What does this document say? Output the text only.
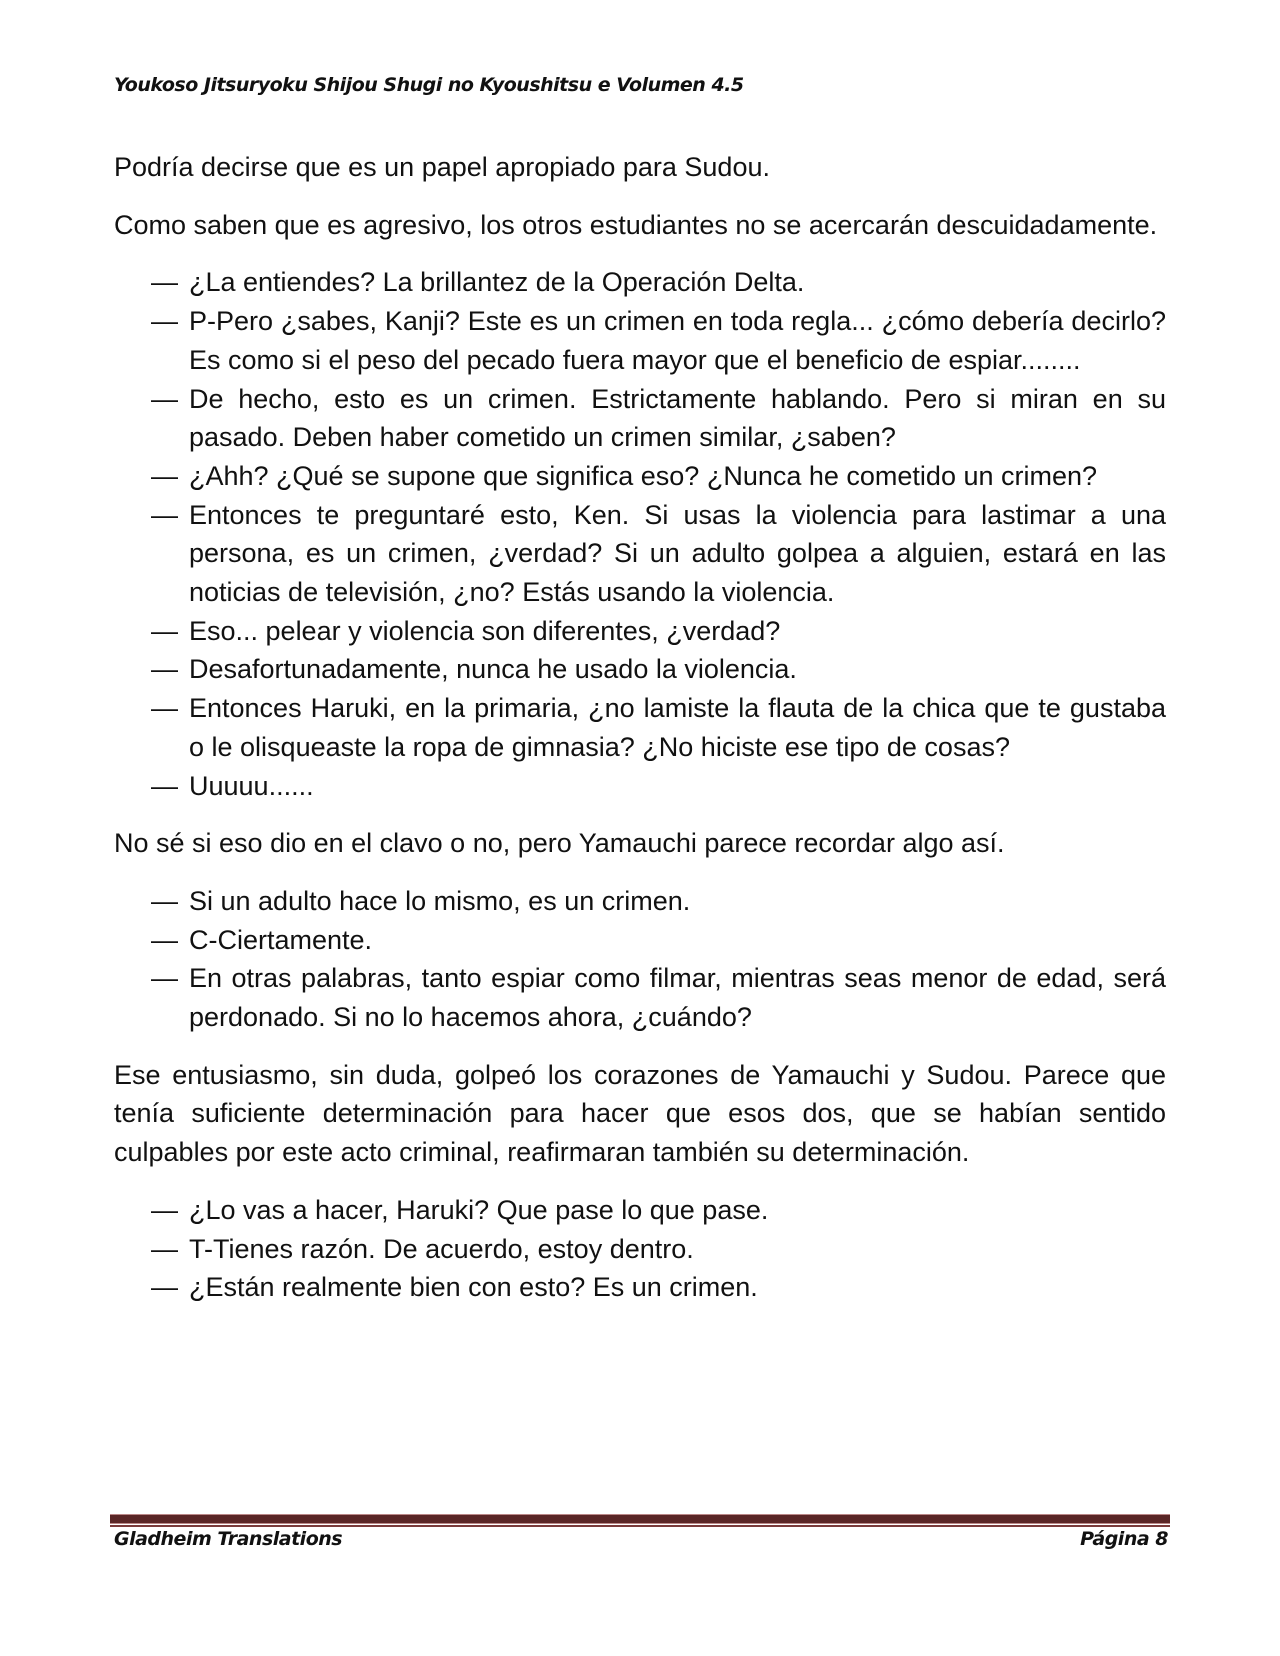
Youkoso Jitsuryoku Shijou Shugi no Kyoushitsu e Volumen 4.5

Podría decirse que es un papel apropiado para Sudou.

Como saben que es agresivo, los otros estudiantes no se acercarán descuidadamente.

— ¿La entiendes? La brillantez de la Operación Delta.
— P-Pero ¿sabes, Kanji? Este es un crimen en toda regla... ¿cómo debería decirlo? Es como si el peso del pecado fuera mayor que el beneficio de espiar........
— De hecho, esto es un crimen. Estrictamente hablando. Pero si miran en su pasado. Deben haber cometido un crimen similar, ¿saben?
— ¿Ahh? ¿Qué se supone que significa eso? ¿Nunca he cometido un crimen?
— Entonces te preguntaré esto, Ken. Si usas la violencia para lastimar a una persona, es un crimen, ¿verdad? Si un adulto golpea a alguien, estará en las noticias de televisión, ¿no? Estás usando la violencia.
— Eso... pelear y violencia son diferentes, ¿verdad?
— Desafortunadamente, nunca he usado la violencia.
— Entonces Haruki, en la primaria, ¿no lamiste la flauta de la chica que te gustaba o le olisqueaste la ropa de gimnasia? ¿No hiciste ese tipo de cosas?
— Uuuuu......

No sé si eso dio en el clavo o no, pero Yamauchi parece recordar algo así.

— Si un adulto hace lo mismo, es un crimen.
— C-Ciertamente.
— En otras palabras, tanto espiar como filmar, mientras seas menor de edad, será perdonado. Si no lo hacemos ahora, ¿cuándo?

Ese entusiasmo, sin duda, golpeó los corazones de Yamauchi y Sudou. Parece que tenía suficiente determinación para hacer que esos dos, que se habían sentido culpables por este acto criminal, reafirmaran también su determinación.

— ¿Lo vas a hacer, Haruki? Que pase lo que pase.
— T-Tienes razón. De acuerdo, estoy dentro.
— ¿Están realmente bien con esto? Es un crimen.
Gladheim Translations	Página 8
